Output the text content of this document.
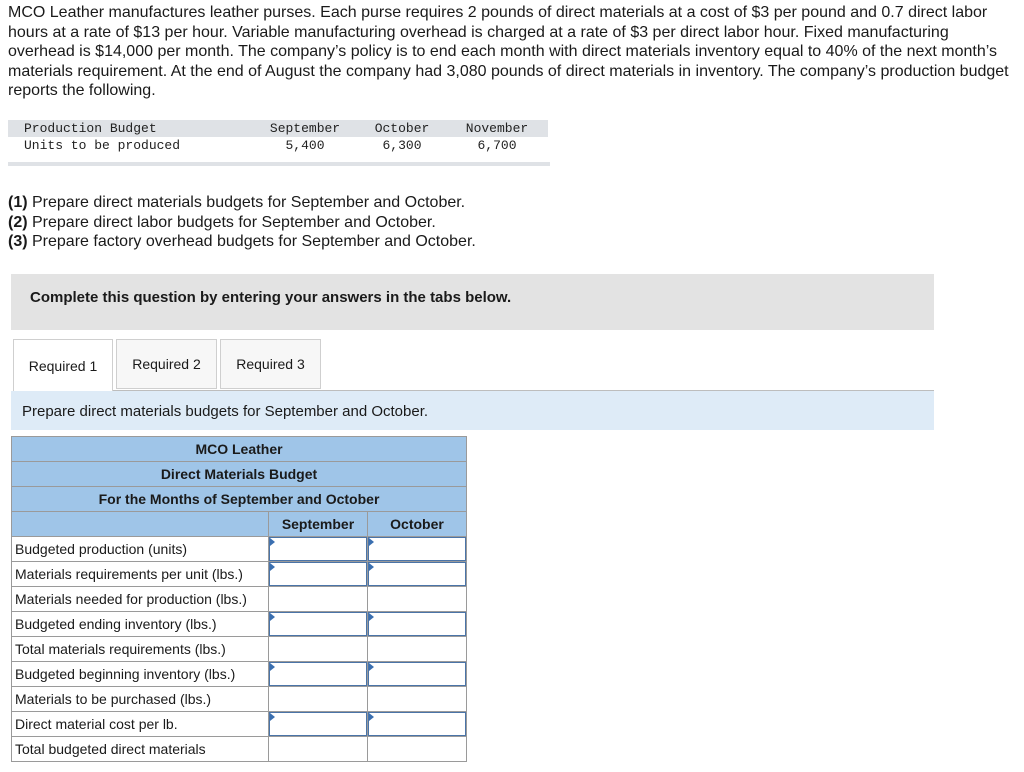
MCO Leather manufactures leather purses. Each purse requires 2 pounds of direct materials at a cost of $3 per pound and 0.7 direct labor hours at a rate of $13 per hour. Variable manufacturing overhead is charged at a rate of $3 per direct labor hour. Fixed manufacturing overhead is $14,000 per month. The company’s policy is to end each month with direct materials inventory equal to 40% of the next month’s materials requirement. At the end of August the company had 3,080 pounds of direct materials in inventory. The company’s production budget reports the following.

Production Budget	September	October	November
Units to be produced	5,400	6,300	6,700
(1) Prepare direct materials budgets for September and October.
(2) Prepare direct labor budgets for September and October.
(3) Prepare factory overhead budgets for September and October.
Complete this question by entering your answers in the tabs below.
Required 1	Required 2	Required 3
Prepare direct materials budgets for September and October.
MCO Leather		
Direct Materials Budget		
For the Months of September and October		
	September	October
Budgeted production (units)		
Materials requirements per unit (lbs.)		
Materials needed for production (lbs.)		
Budgeted ending inventory (lbs.)		
Total materials requirements (lbs.)		
Budgeted beginning inventory (lbs.)		
Materials to be purchased (lbs.)		
Direct material cost per lb.		
Total budgeted direct materials		
